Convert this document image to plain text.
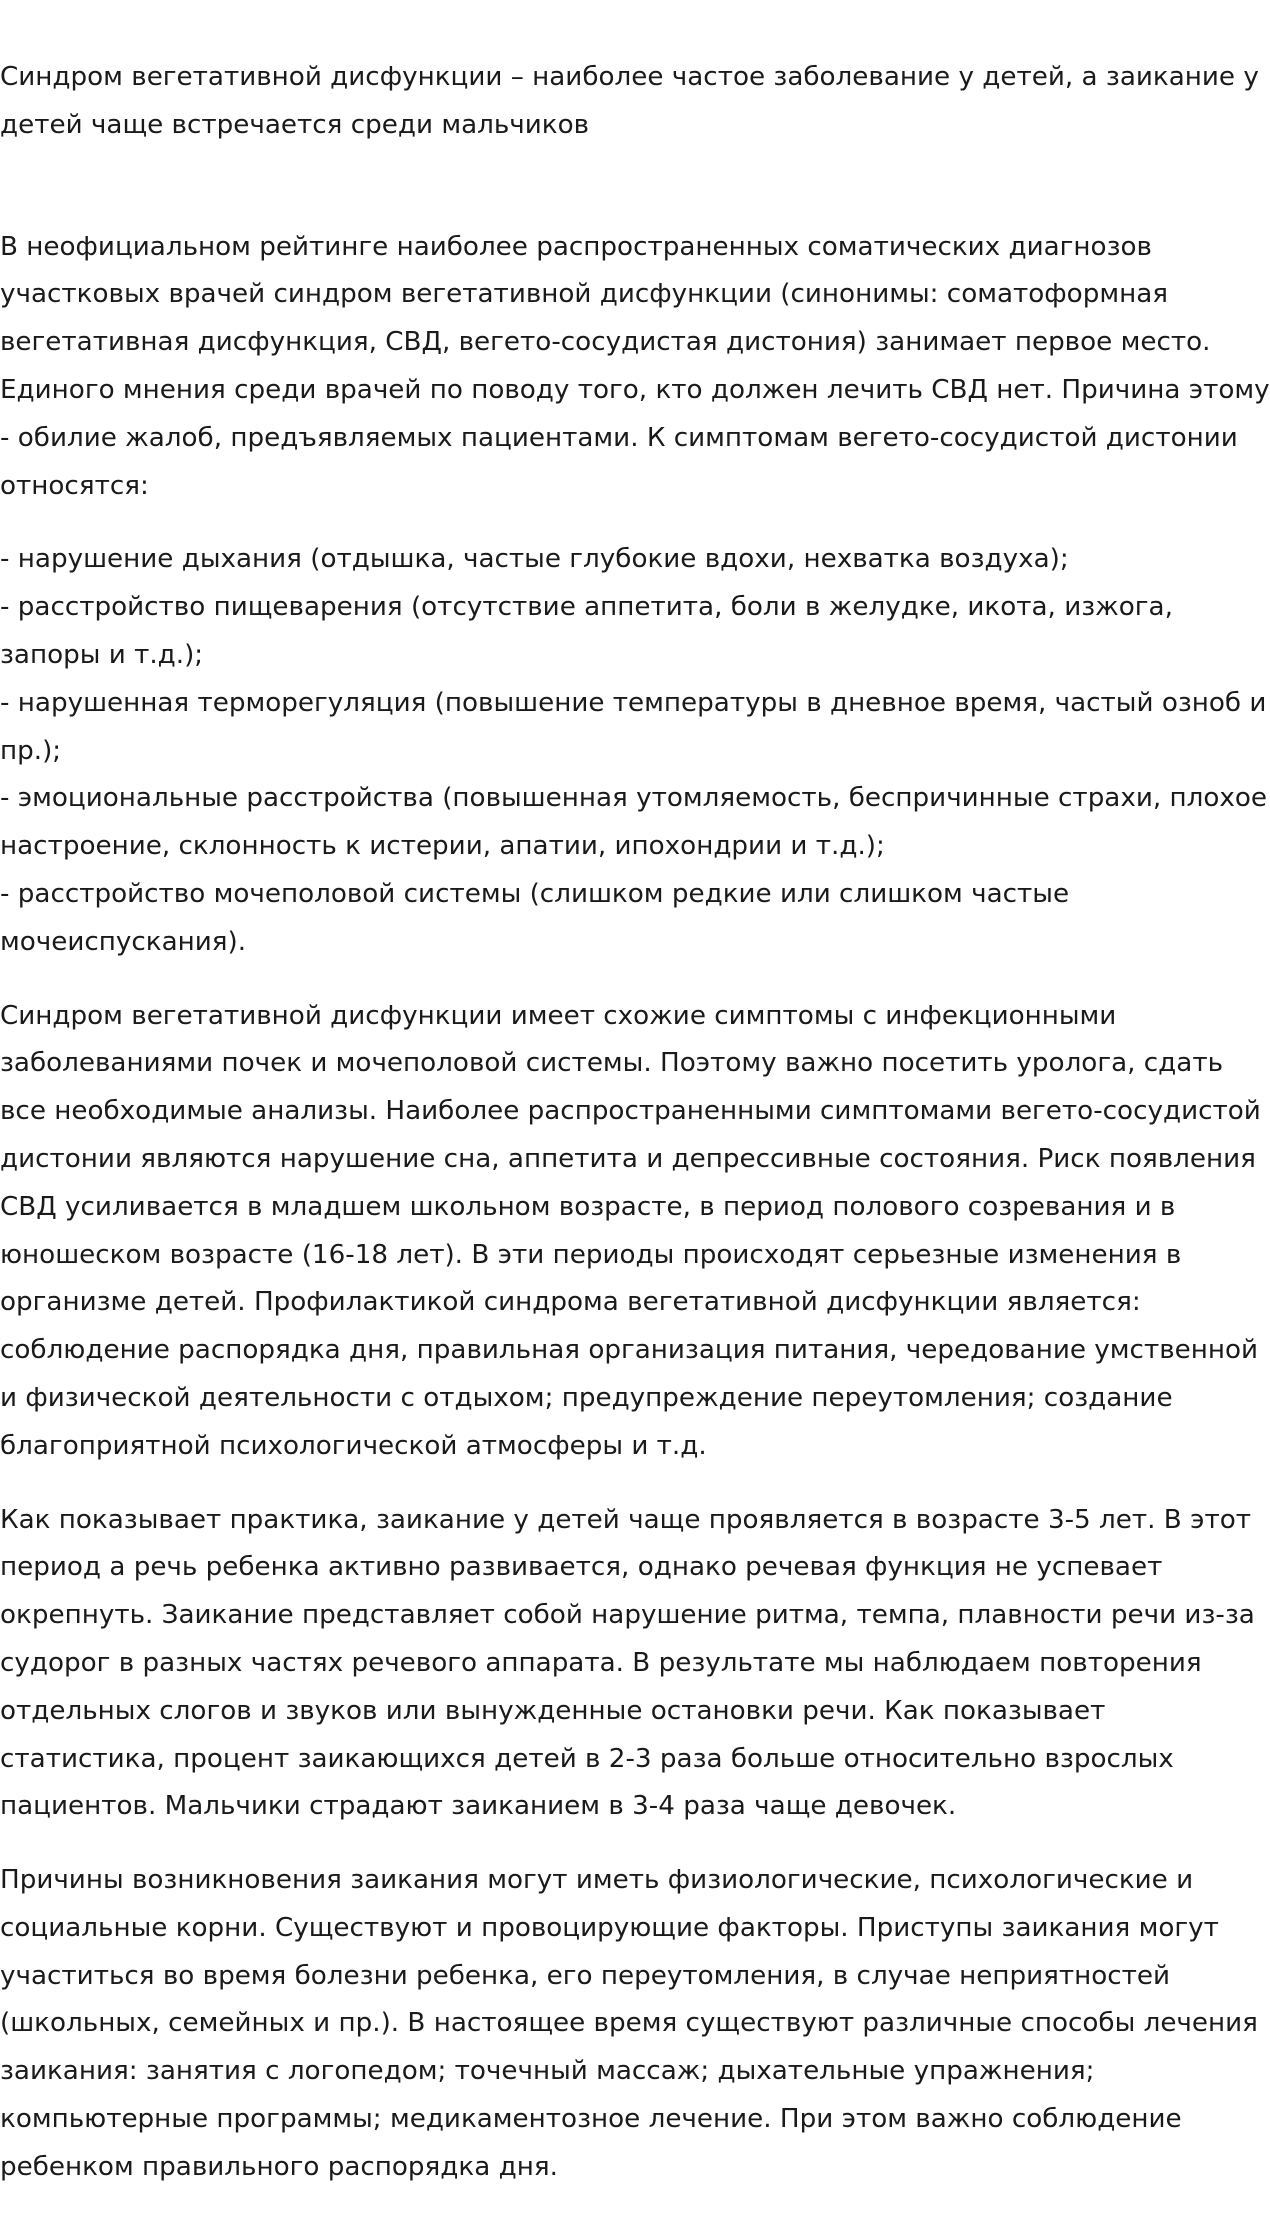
Синдром вегетативной дисфункции – наиболее частое заболевание у детей, а заикание у детей чаще встречается среди мальчиков

В неофициальном рейтинге наиболее распространенных соматических диагнозов участковых врачей синдром вегетативной дисфункции (синонимы: соматоформная вегетативная дисфункция, СВД, вегето-сосудистая дистония) занимает первое место. Единого мнения среди врачей по поводу того, кто должен лечить СВД нет. Причина этому - обилие жалоб, предъявляемых пациентами. К симптомам вегето-сосудистой дистонии относятся:

- нарушение дыхания (отдышка, частые глубокие вдохи, нехватка воздуха);

- расстройство пищеварения (отсутствие аппетита, боли в желудке, икота, изжога, запоры и т.д.);

- нарушенная терморегуляция (повышение температуры в дневное время, частый озноб и пр.);

- эмоциональные расстройства (повышенная утомляемость, беспричинные страхи, плохое настроение, склонность к истерии, апатии, ипохондрии и т.д.);

- расстройство мочеполовой системы (слишком редкие или слишком частые мочеиспускания).

Синдром вегетативной дисфункции имеет схожие симптомы с инфекционными заболеваниями почек и мочеполовой системы. Поэтому важно посетить уролога, сдать все необходимые анализы. Наиболее распространенными симптомами вегето-сосудистой дистонии являются нарушение сна, аппетита и депрессивные состояния. Риск появления СВД усиливается в младшем школьном возрасте, в период полового созревания и в юношеском возрасте (16-18 лет). В эти периоды происходят серьезные изменения в организме детей. Профилактикой синдрома вегетативной дисфункции является: соблюдение распорядка дня, правильная организация питания, чередование умственной и физической деятельности с отдыхом; предупреждение переутомления; создание благоприятной психологической атмосферы и т.д.

Как показывает практика, заикание у детей чаще проявляется в возрасте 3-5 лет. В этот период а речь ребенка активно развивается, однако речевая функция не успевает окрепнуть. Заикание представляет собой нарушение ритма, темпа, плавности речи из-за судорог в разных частях речевого аппарата. В результате мы наблюдаем повторения отдельных слогов и звуков или вынужденные остановки речи. Как показывает статистика, процент заикающихся детей в 2-3 раза больше относительно взрослых пациентов. Мальчики страдают заиканием в 3-4 раза чаще девочек.

Причины возникновения заикания могут иметь физиологические, психологические и социальные корни. Существуют и провоцирующие факторы. Приступы заикания могут участиться во время болезни ребенка, его переутомления, в случае неприятностей (школьных, семейных и пр.). В настоящее время существуют различные способы лечения заикания: занятия с логопедом; точечный массаж; дыхательные упражнения; компьютерные программы; медикаментозное лечение. При этом важно соблюдение ребенком правильного распорядка дня.
